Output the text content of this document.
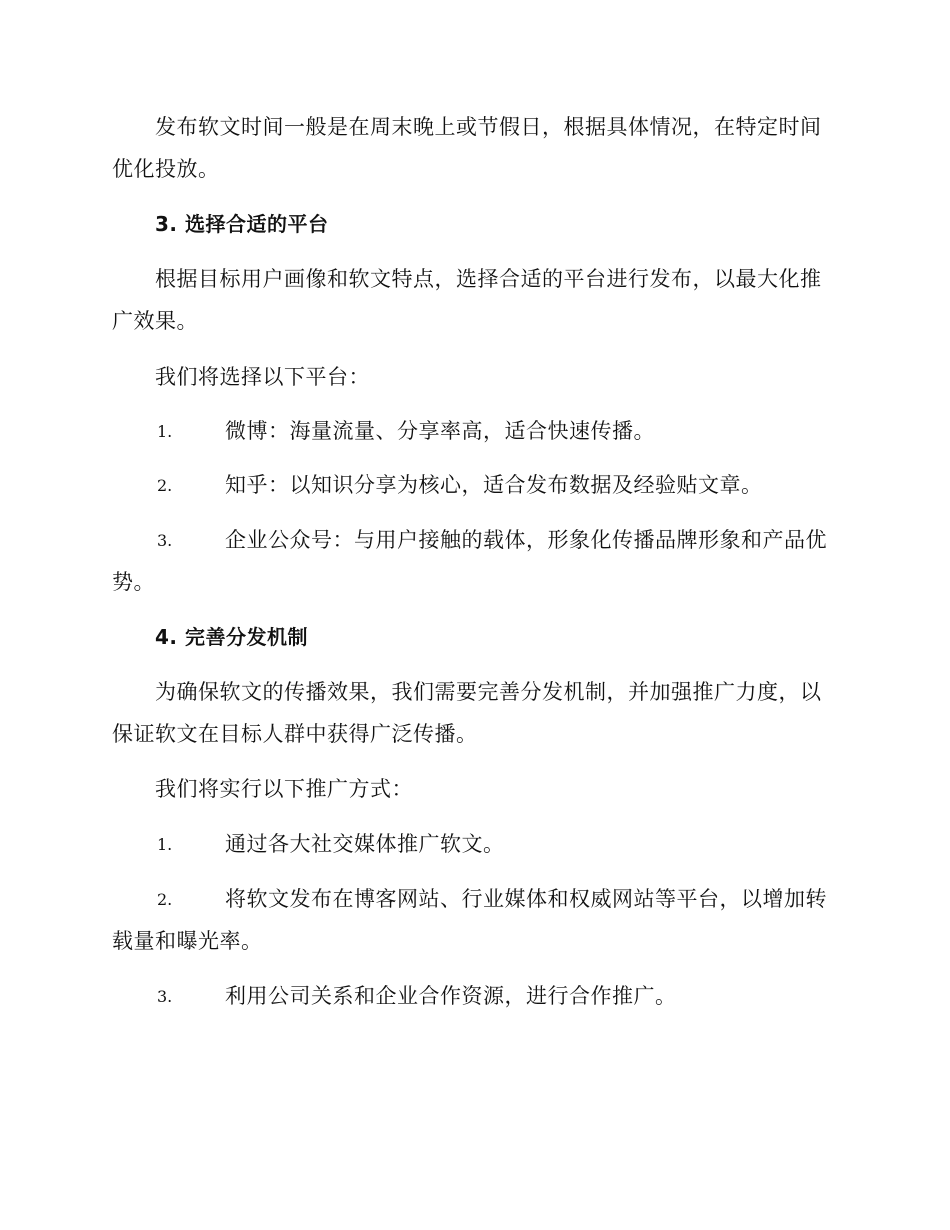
发布软文时间一般是在周末晚上或节假日，根据具体情况，在特定时间
优化投放。
3. 选择合适的平台
根据目标用户画像和软文特点，选择合适的平台进行发布，以最大化推
广效果。
我们将选择以下平台：
1.	微博：海量流量、分享率高，适合快速传播。
2.	知乎：以知识分享为核心，适合发布数据及经验贴文章。
3.	企业公众号：与用户接触的载体，形象化传播品牌形象和产品优
势。
4. 完善分发机制
为确保软文的传播效果，我们需要完善分发机制，并加强推广力度，以
保证软文在目标人群中获得广泛传播。
我们将实行以下推广方式：
1.	通过各大社交媒体推广软文。
2.	将软文发布在博客网站、行业媒体和权威网站等平台，以增加转
载量和曝光率。
3.	利用公司关系和企业合作资源，进行合作推广。
